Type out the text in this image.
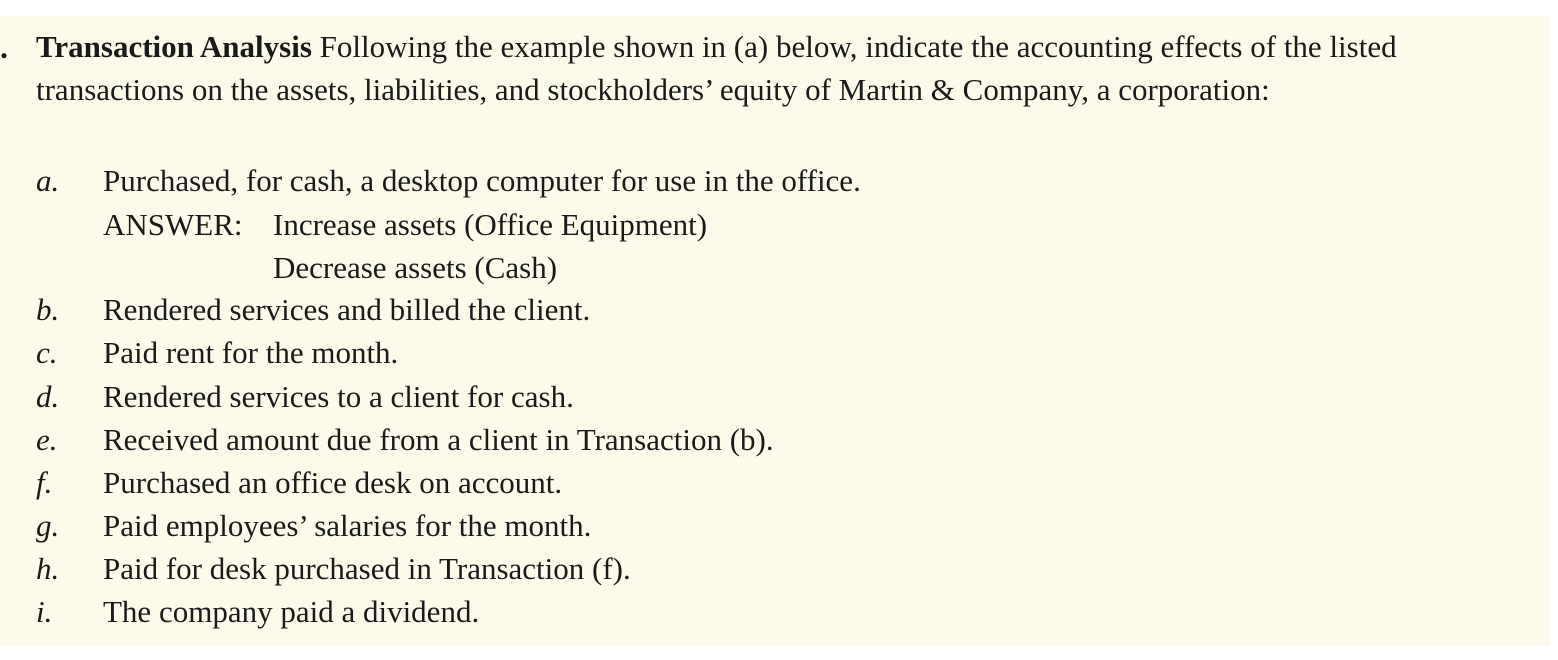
. Transaction Analysis Following the example shown in (a) below, indicate the accounting effects of the listed transactions on the assets, liabilities, and stockholders’ equity of Martin & Company, a corporation:
a. Purchased, for cash, a desktop computer for use in the office.
ANSWER: Increase assets (Office Equipment)
Decrease assets (Cash)
b. Rendered services and billed the client.
c. Paid rent for the month.
d. Rendered services to a client for cash.
e. Received amount due from a client in Transaction (b).
f. Purchased an office desk on account.
g. Paid employees’ salaries for the month.
h. Paid for desk purchased in Transaction (f).
i. The company paid a dividend.
